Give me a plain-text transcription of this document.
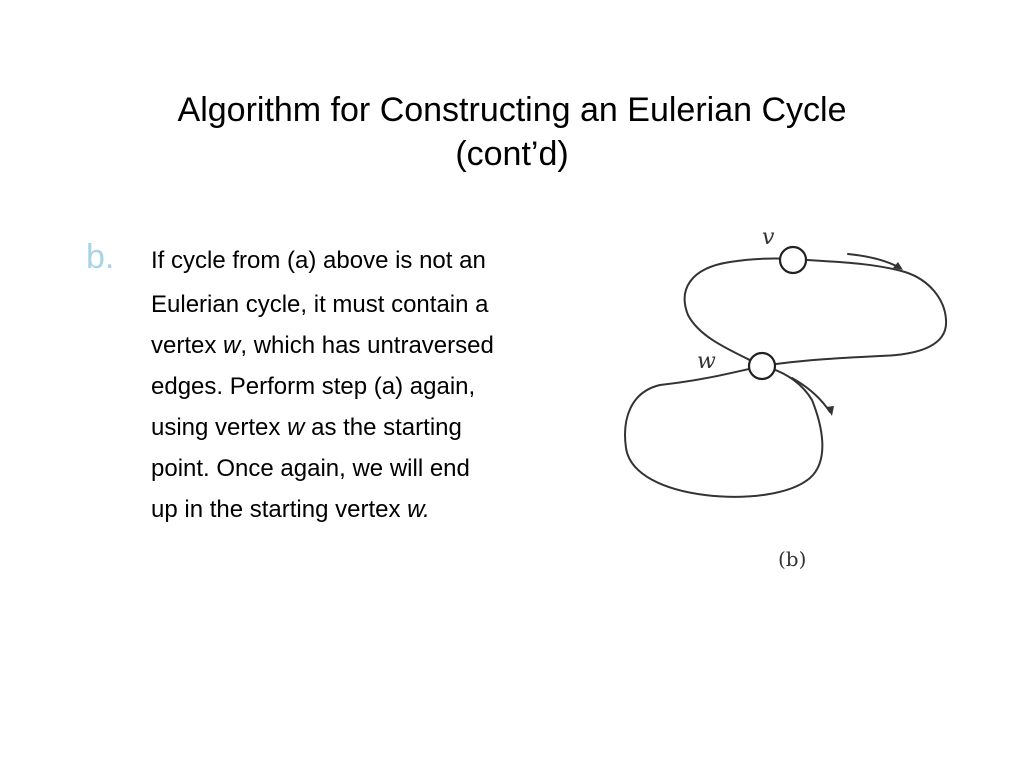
Algorithm for Constructing an Eulerian Cycle
(cont’d)
b. If cycle from (a) above is not an
Eulerian cycle, it must contain a
vertex w, which has untraversed
edges. Perform step (a) again,
using vertex w as the starting
point. Once again, we will end
up in the starting vertex w.
v
w
(b)
